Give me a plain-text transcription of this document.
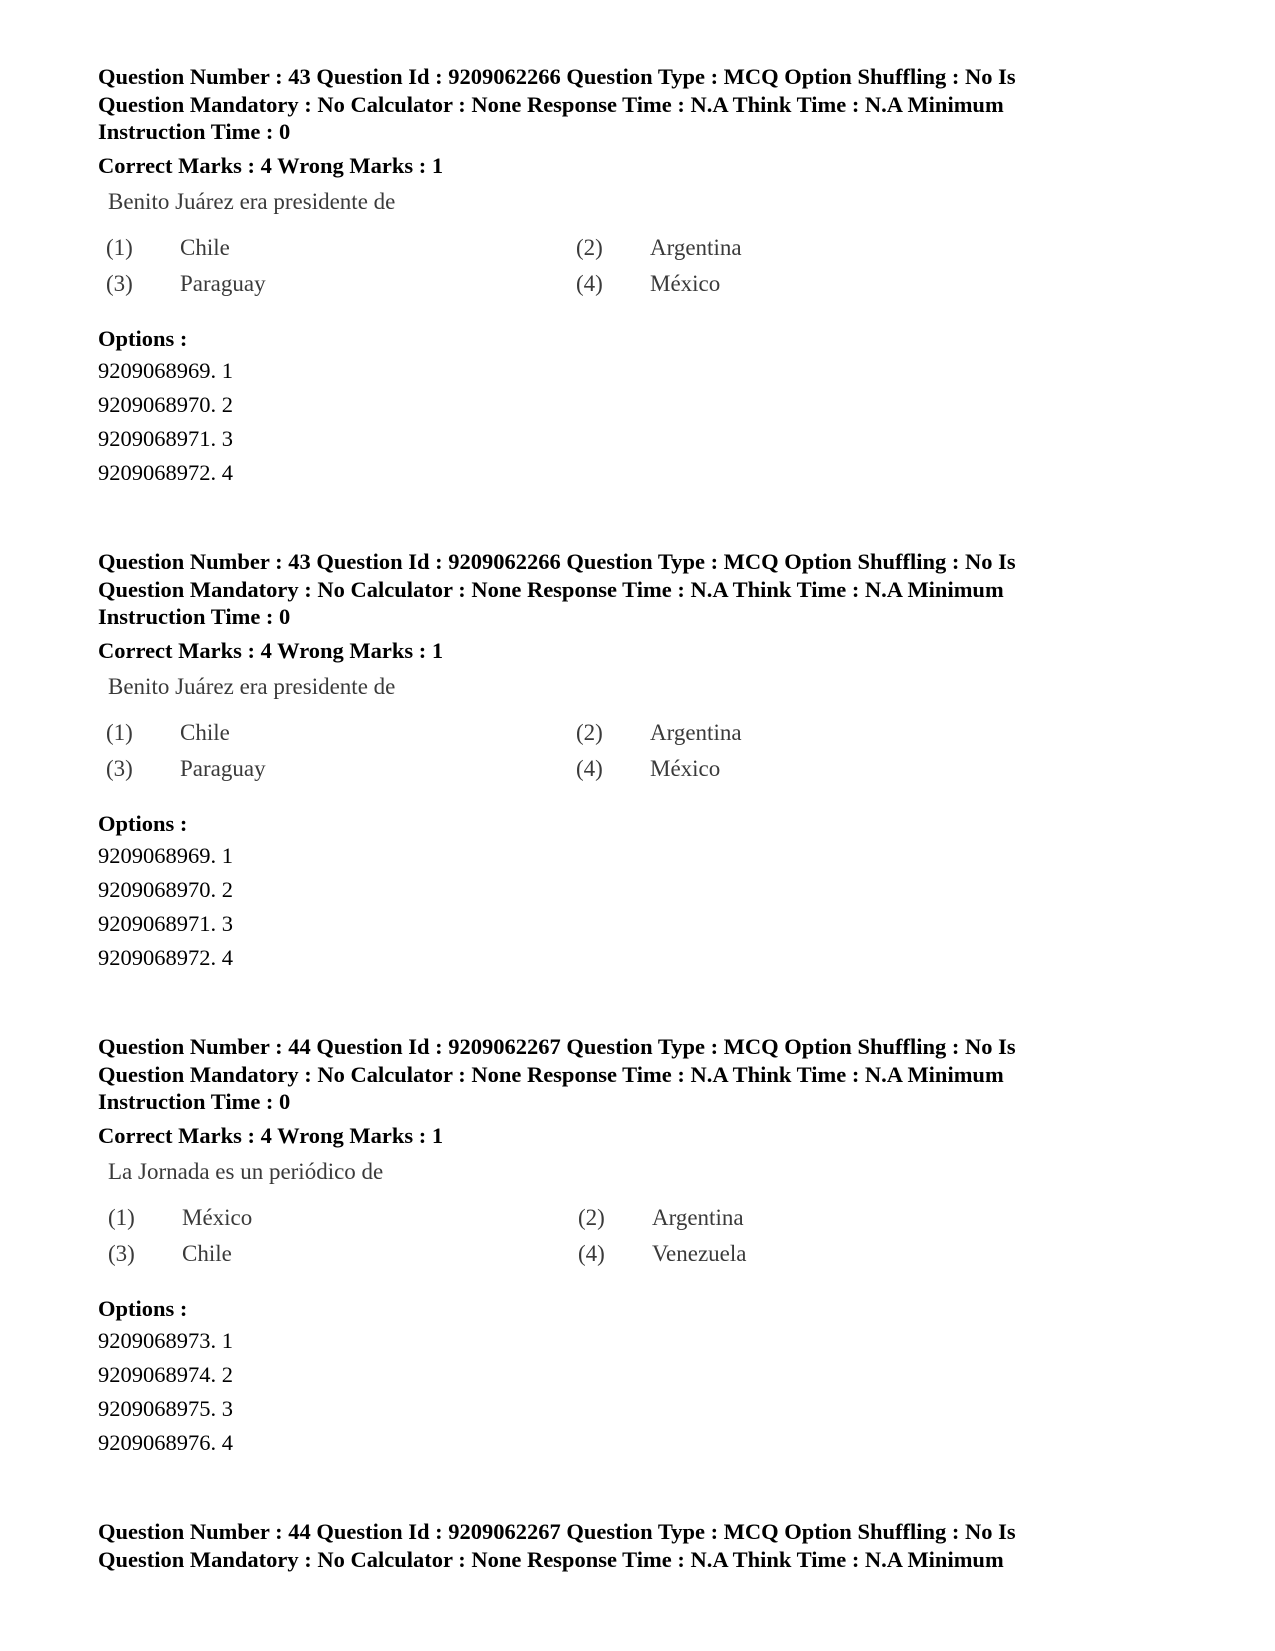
Question Number : 43 Question Id : 9209062266 Question Type : MCQ Option Shuffling : No Is

Question Mandatory : No Calculator : None Response Time : N.A Think Time : N.A Minimum

Instruction Time : 0

Correct Marks : 4 Wrong Marks : 1
Benito Juárez era presidente de
(1) Chile	(2) Argentina
(3) Paraguay	(4) México
Options :
9209068969. 1
9209068970. 2
9209068971. 3
9209068972. 4

Question Number : 43 Question Id : 9209062266 Question Type : MCQ Option Shuffling : No Is

Question Mandatory : No Calculator : None Response Time : N.A Think Time : N.A Minimum

Instruction Time : 0

Correct Marks : 4 Wrong Marks : 1
Benito Juárez era presidente de
(1) Chile	(2) Argentina
(3) Paraguay	(4) México
Options :
9209068969. 1
9209068970. 2
9209068971. 3
9209068972. 4

Question Number : 44 Question Id : 9209062267 Question Type : MCQ Option Shuffling : No Is

Question Mandatory : No Calculator : None Response Time : N.A Think Time : N.A Minimum

Instruction Time : 0

Correct Marks : 4 Wrong Marks : 1
La Jornada es un periódico de
(1) México	(2) Argentina
(3) Chile	(4) Venezuela
Options :
9209068973. 1
9209068974. 2
9209068975. 3
9209068976. 4

Question Number : 44 Question Id : 9209062267 Question Type : MCQ Option Shuffling : No Is

Question Mandatory : No Calculator : None Response Time : N.A Think Time : N.A Minimum
